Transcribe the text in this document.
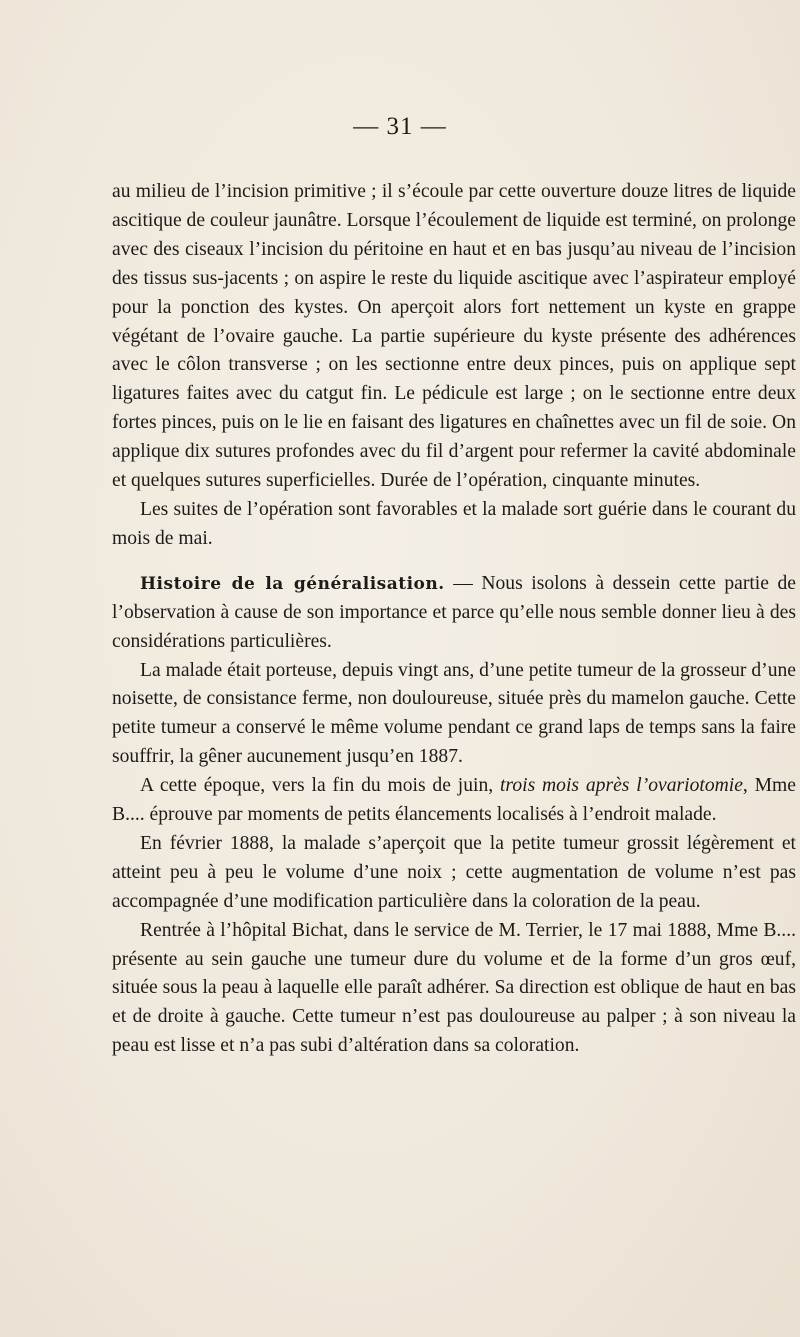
— 31 —

au milieu de l’incision primitive ; il s’écoule par cette ouverture douze litres de liquide ascitique de couleur jaunâtre. Lorsque l’écoulement de liquide est terminé, on prolonge avec des ciseaux l’incision du péritoine en haut et en bas jusqu’au niveau de l’incision des tissus sus-jacents ; on aspire le reste du liquide ascitique avec l’aspirateur employé pour la ponction des kystes. On aperçoit alors fort nettement un kyste en grappe végétant de l’ovaire gauche. La partie supérieure du kyste présente des adhérences avec le côlon transverse ; on les sectionne entre deux pinces, puis on applique sept ligatures faites avec du catgut fin. Le pédicule est large ; on le sectionne entre deux fortes pinces, puis on le lie en faisant des ligatures en chaînettes avec un fil de soie. On applique dix sutures profondes avec du fil d’argent pour refermer la cavité abdominale et quelques sutures superficielles. Durée de l’opération, cinquante minutes.

Les suites de l’opération sont favorables et la malade sort guérie dans le courant du mois de mai.

Histoire de la généralisation. — Nous isolons à dessein cette partie de l’observation à cause de son importance et parce qu’elle nous semble donner lieu à des considérations particulières.

La malade était porteuse, depuis vingt ans, d’une petite tumeur de la grosseur d’une noisette, de consistance ferme, non douloureuse, située près du mamelon gauche. Cette petite tumeur a conservé le même volume pendant ce grand laps de temps sans la faire souffrir, la gêner aucunement jusqu’en 1887.

A cette époque, vers la fin du mois de juin, trois mois après l’ovariotomie, Mme B.... éprouve par moments de petits élancements localisés à l’endroit malade.

En février 1888, la malade s’aperçoit que la petite tumeur grossit légèrement et atteint peu à peu le volume d’une noix ; cette augmentation de volume n’est pas accompagnée d’une modification particulière dans la coloration de la peau.

Rentrée à l’hôpital Bichat, dans le service de M. Terrier, le 17 mai 1888, Mme B.... présente au sein gauche une tumeur dure du volume et de la forme d’un gros œuf, située sous la peau à laquelle elle paraît adhérer. Sa direction est oblique de haut en bas et de droite à gauche. Cette tumeur n’est pas douloureuse au palper ; à son niveau la peau est lisse et n’a pas subi d’altération dans sa coloration.
